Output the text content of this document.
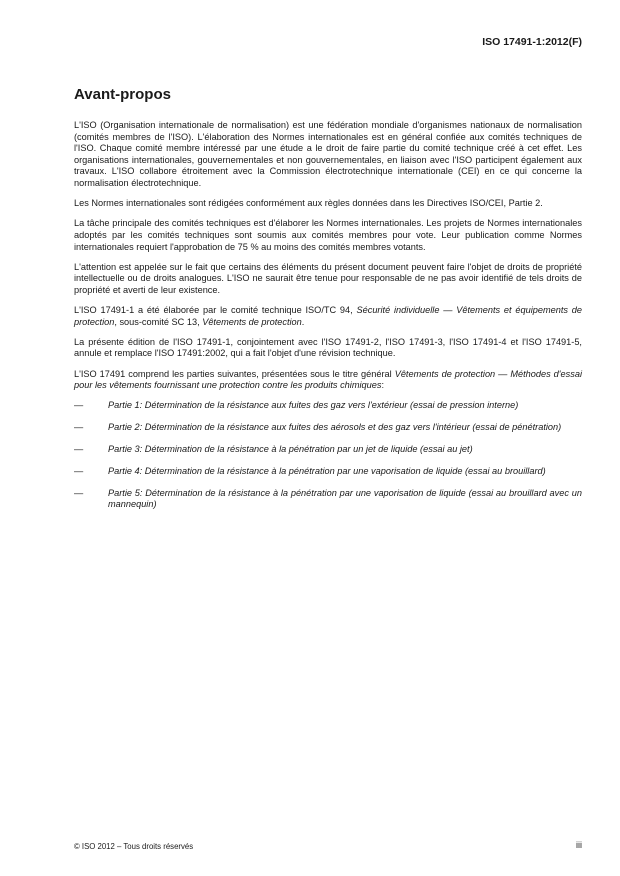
ISO 17491-1:2012(F)
Avant-propos

L'ISO (Organisation internationale de normalisation) est une fédération mondiale d'organismes nationaux de normalisation (comités membres de l'ISO). L'élaboration des Normes internationales est en général confiée aux comités techniques de l'ISO. Chaque comité membre intéressé par une étude a le droit de faire partie du comité technique créé à cet effet. Les organisations internationales, gouvernementales et non gouvernementales, en liaison avec l'ISO participent également aux travaux. L'ISO collabore étroitement avec la Commission électrotechnique internationale (CEI) en ce qui concerne la normalisation électrotechnique.

Les Normes internationales sont rédigées conformément aux règles données dans les Directives ISO/CEI, Partie 2.

La tâche principale des comités techniques est d'élaborer les Normes internationales. Les projets de Normes internationales adoptés par les comités techniques sont soumis aux comités membres pour vote. Leur publication comme Normes internationales requiert l'approbation de 75 % au moins des comités membres votants.

L'attention est appelée sur le fait que certains des éléments du présent document peuvent faire l'objet de droits de propriété intellectuelle ou de droits analogues. L'ISO ne saurait être tenue pour responsable de ne pas avoir identifié de tels droits de propriété et averti de leur existence.

L'ISO 17491-1 a été élaborée par le comité technique ISO/TC 94, Sécurité individuelle — Vêtements et équipements de protection, sous-comité SC 13, Vêtements de protection.

La présente édition de l'ISO 17491-1, conjointement avec l'ISO 17491-2, l'ISO 17491-3, l'ISO 17491-4 et l'ISO 17491-5, annule et remplace l'ISO 17491:2002, qui a fait l'objet d'une révision technique.

L'ISO 17491 comprend les parties suivantes, présentées sous le titre général Vêtements de protection — Méthodes d'essai pour les vêtements fournissant une protection contre les produits chimiques:

—	Partie 1: Détermination de la résistance aux fuites des gaz vers l'extérieur (essai de pression interne)
—	Partie 2: Détermination de la résistance aux fuites des aérosols et des gaz vers l'intérieur (essai de pénétration)
—	Partie 3: Détermination de la résistance à la pénétration par un jet de liquide (essai au jet)
—	Partie 4: Détermination de la résistance à la pénétration par une vaporisation de liquide (essai au brouillard)
—	Partie 5: Détermination de la résistance à la pénétration par une vaporisation de liquide (essai au brouillard avec un mannequin)
© ISO 2012 – Tous droits réservés	iii
